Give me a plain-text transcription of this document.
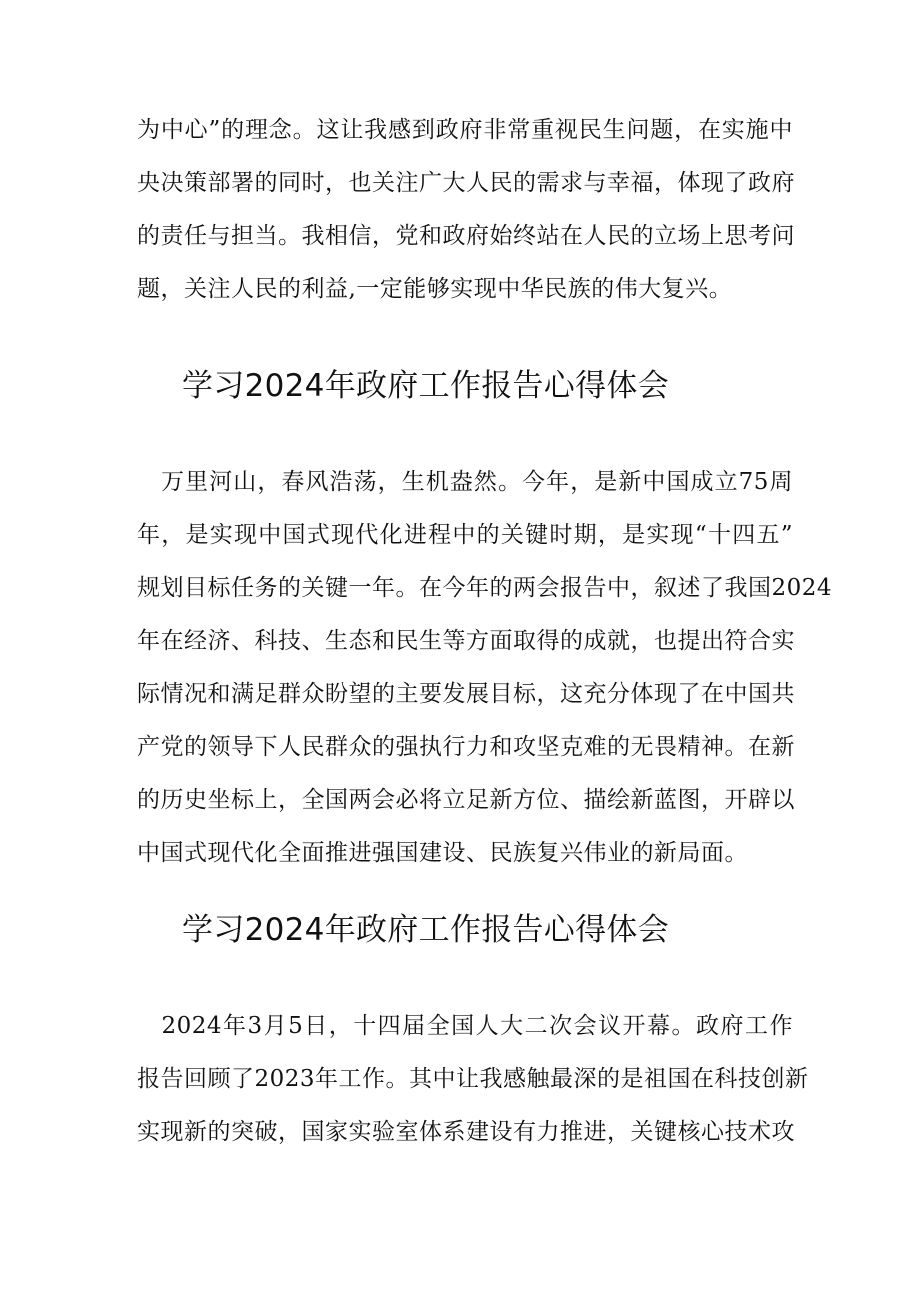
为中心”的理念。这让我感到政府非常重视民生问题，在实施中
央决策部署的同时，也关注广大人民的需求与幸福，体现了政府
的责任与担当。我相信，党和政府始终站在人民的立场上思考问
题，关注人民的利益,一定能够实现中华民族的伟大复兴。
学习2024年政府工作报告心得体会
　万里河山，春风浩荡，生机盎然。今年，是新中国成立75周
年，是实现中国式现代化进程中的关键时期，是实现“十四五”
规划目标任务的关键一年。在今年的两会报告中，叙述了我国2024
年在经济、科技、生态和民生等方面取得的成就，也提出符合实
际情况和满足群众盼望的主要发展目标，这充分体现了在中国共
产党的领导下人民群众的强执行力和攻坚克难的无畏精神。在新
的历史坐标上，全国两会必将立足新方位、描绘新蓝图，开辟以
中国式现代化全面推进强国建设、民族复兴伟业的新局面。
学习2024年政府工作报告心得体会
　2024年3月5日，十四届全国人大二次会议开幕。政府工作
报告回顾了2023年工作。其中让我感触最深的是祖国在科技创新
实现新的突破，国家实验室体系建设有力推进，关键核心技术攻
